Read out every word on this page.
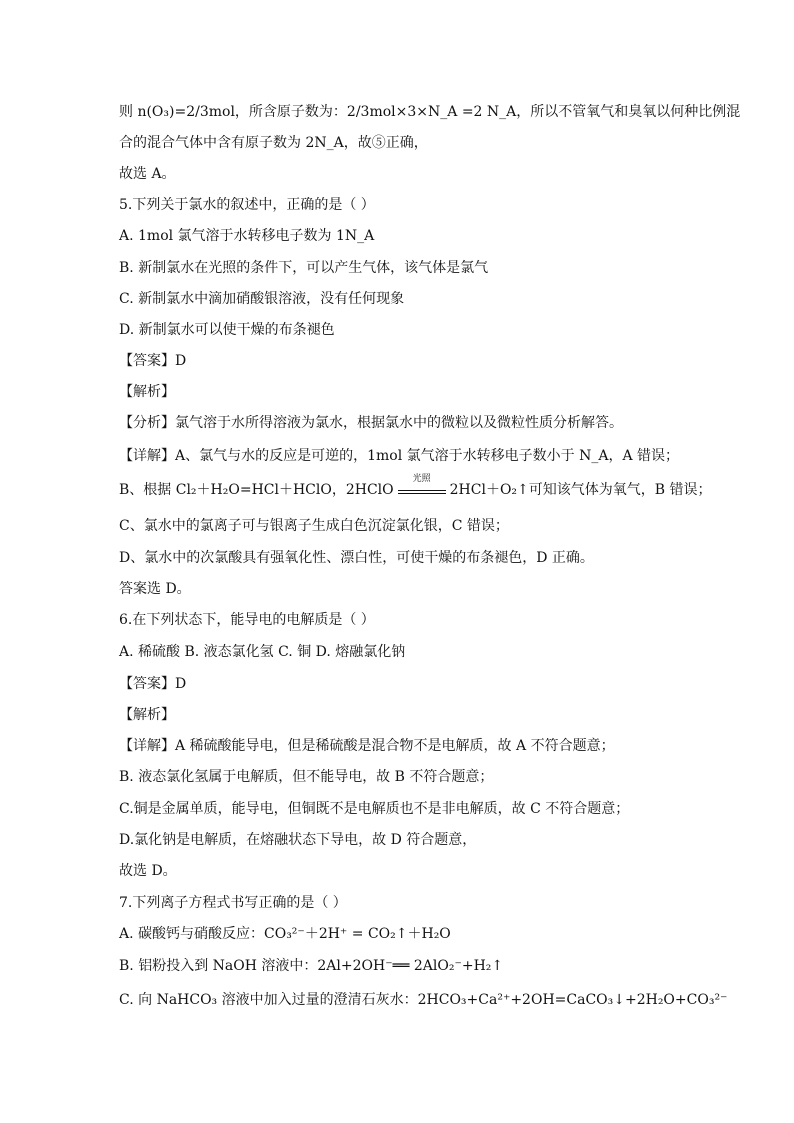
则 n(O₃)=2/3mol，所含原子数为：2/3mol×3×N_A =2 N_A，所以不管氧气和臭氧以何种比例混
合的混合气体中含有原子数为 2N_A，故⑤正确，
故选 A。
5.下列关于氯水的叙述中，正确的是（ ）
A. 1mol 氯气溶于水转移电子数为 1N_A
B. 新制氯水在光照的条件下，可以产生气体，该气体是氯气
C. 新制氯水中滴加硝酸银溶液，没有任何现象
D. 新制氯水可以使干燥的布条褪色
【答案】D
【解析】
【分析】氯气溶于水所得溶液为氯水，根据氯水中的微粒以及微粒性质分析解答。
【详解】A、氯气与水的反应是可逆的，1mol 氯气溶于水转移电子数小于 N_A，A 错误；
B、根据 Cl₂＋H₂O=HCl＋HClO，2HClO
光照
2HCl＋O₂↑可知该气体为氧气，B 错误；
C、氯水中的氯离子可与银离子生成白色沉淀氯化银，C 错误；
D、氯水中的次氯酸具有强氧化性、漂白性，可使干燥的布条褪色，D 正确。
答案选 D。
6.在下列状态下，能导电的电解质是（ ）
A. 稀硫酸 B. 液态氯化氢 C. 铜 D. 熔融氯化钠
【答案】D
【解析】
【详解】A 稀硫酸能导电，但是稀硫酸是混合物不是电解质，故 A 不符合题意；
B. 液态氯化氢属于电解质，但不能导电，故 B 不符合题意；
C.铜是金属单质，能导电，但铜既不是电解质也不是非电解质，故 C 不符合题意；
D.氯化钠是电解质，在熔融状态下导电，故 D 符合题意，
故选 D。
7.下列离子方程式书写正确的是（ ）
A. 碳酸钙与硝酸反应：CO₃²⁻＋2H⁺ = CO₂↑＋H₂O
B. 铝粉投入到 NaOH 溶液中：2Al+2OH⁻══ 2AlO₂⁻+H₂↑
C. 向 NaHCO₃ 溶液中加入过量的澄清石灰水：2HCO₃+Ca²⁺+2OH=CaCO₃↓+2H₂O+CO₃²⁻
